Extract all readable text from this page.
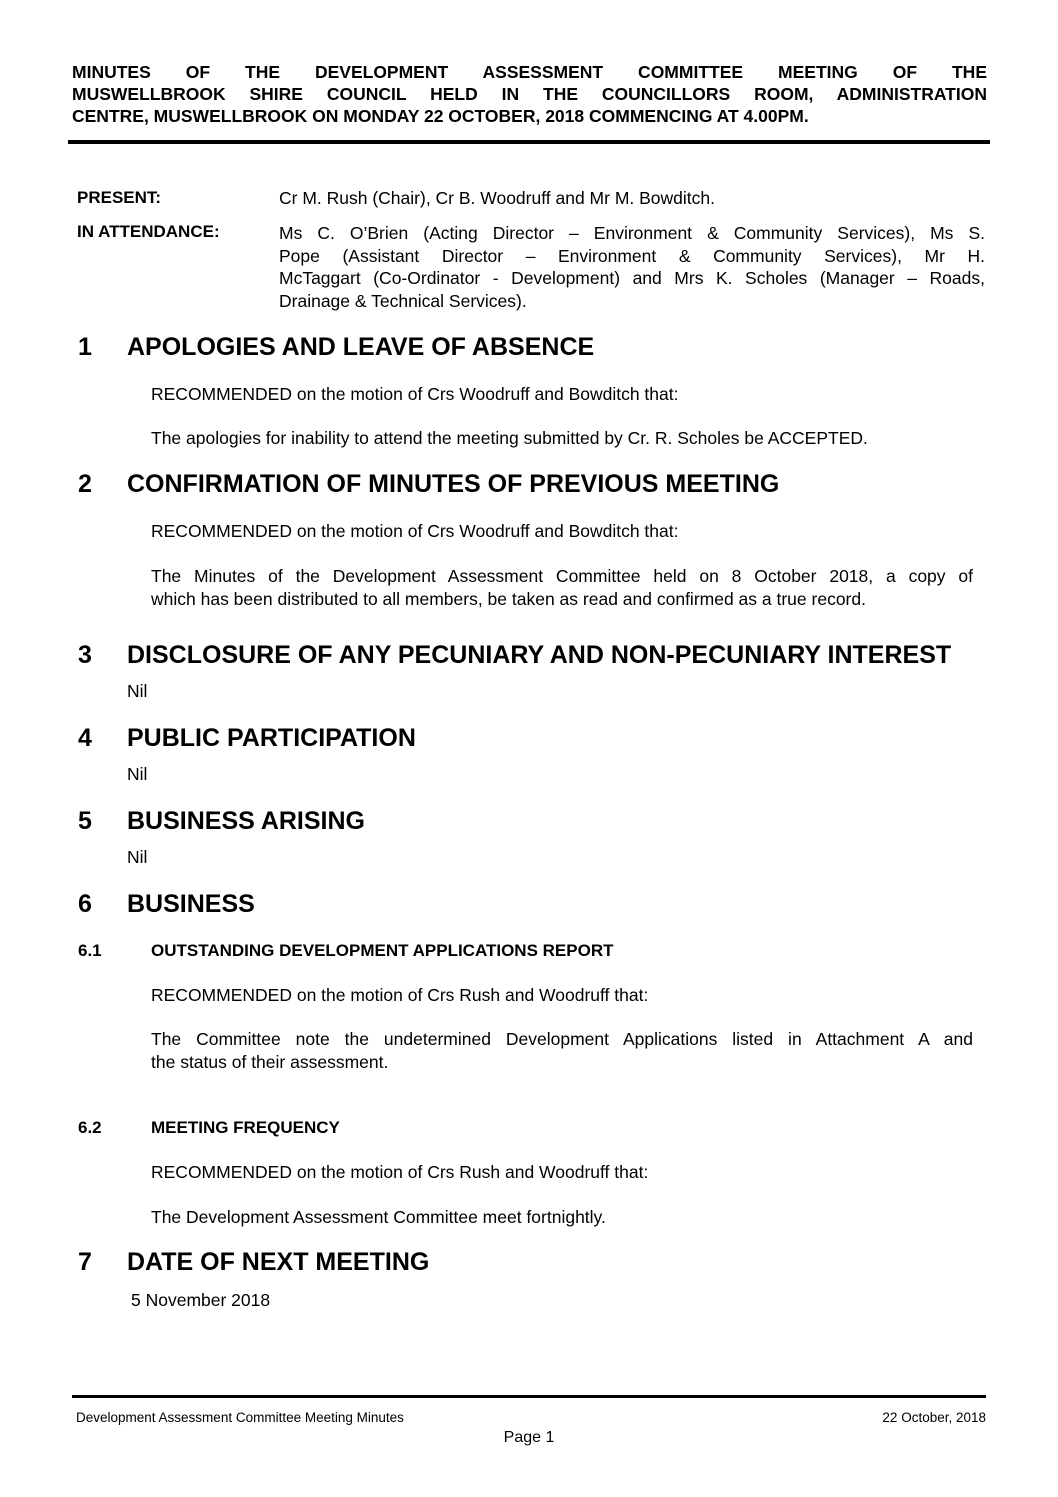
MINUTES OF THE DEVELOPMENT ASSESSMENT COMMITTEE MEETING OF THE
MUSWELLBROOK SHIRE COUNCIL HELD IN THE COUNCILLORS ROOM, ADMINISTRATION
CENTRE, MUSWELLBROOK ON MONDAY 22 OCTOBER, 2018 COMMENCING AT 4.00PM.
PRESENT:	Cr M. Rush (Chair), Cr B. Woodruff and Mr M. Bowditch.
IN ATTENDANCE:	Ms C. O’Brien (Acting Director – Environment & Community Services), Ms S.
Pope (Assistant Director – Environment & Community Services), Mr H.
McTaggart (Co-Ordinator - Development) and Mrs K. Scholes (Manager – Roads,
Drainage & Technical Services).
1 APOLOGIES AND LEAVE OF ABSENCE
RECOMMENDED on the motion of Crs Woodruff and Bowditch that:
The apologies for inability to attend the meeting submitted by Cr. R. Scholes be ACCEPTED.
2 CONFIRMATION OF MINUTES OF PREVIOUS MEETING
RECOMMENDED on the motion of Crs Woodruff and Bowditch that:
The Minutes of the Development Assessment Committee held on 8 October 2018, a copy of
which has been distributed to all members, be taken as read and confirmed as a true record.
3 DISCLOSURE OF ANY PECUNIARY AND NON-PECUNIARY INTEREST
Nil
4 PUBLIC PARTICIPATION
Nil
5 BUSINESS ARISING
Nil
6 BUSINESS
6.1	OUTSTANDING DEVELOPMENT APPLICATIONS REPORT
RECOMMENDED on the motion of Crs Rush and Woodruff that:
The Committee note the undetermined Development Applications listed in Attachment A and
the status of their assessment.
6.2	MEETING FREQUENCY
RECOMMENDED on the motion of Crs Rush and Woodruff that:
The Development Assessment Committee meet fortnightly.
7 DATE OF NEXT MEETING
5 November 2018
Development Assessment Committee Meeting Minutes	22 October, 2018
Page 1
